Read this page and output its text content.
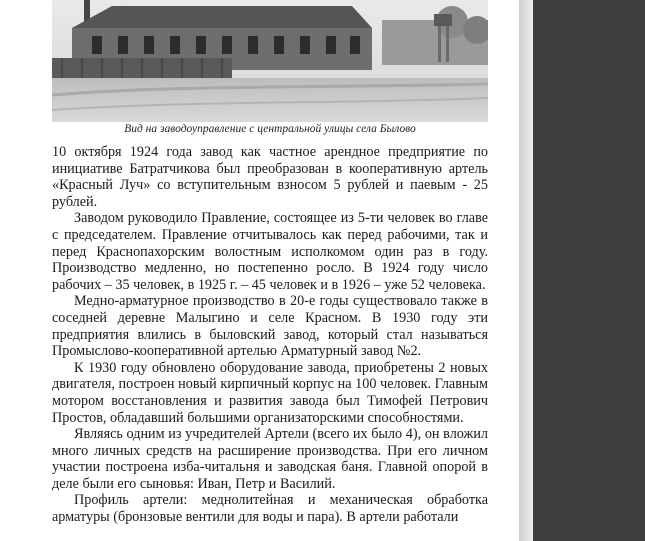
Вид на заводоуправление с центральной улицы села Былово

10 октября 1924 года завод как частное арендное предприятие по инициативе Батратчикова был преобразован в кооперативную артель «Красный Луч» со вступительным взносом 5 рублей и паевым - 25 рублей.

Заводом руководило Правление, состоящее из 5-ти человек во главе с председателем. Правление отчитывалось как перед рабочими, так и перед Краснопахорским волостным исполкомом один раз в году. Производство медленно, но постепенно росло. В 1924 году число рабочих – 35 человек, в 1925 г. – 45 человек и в 1926 – уже 52 человека.

Медно-арматурное производство в 20-е годы существовало также в соседней деревне Малыгино и селе Красном. В 1930 году эти предприятия влились в быловский завод, который стал называться Промыслово-кооперативной артелью Арматурный завод №2.

К 1930 году обновлено оборудование завода, приобретены 2 новых двигателя, построен новый кирпичный корпус на 100 человек. Главным мотором восстановления и развития завода был Тимофей Петрович Простов, обладавший большими организаторскими способностями.

Являясь одним из учредителей Артели (всего их было 4), он вложил много личных средств на расширение производства. При его личном участии построена изба-читальня и заводская баня. Главной опорой в деле были его сыновья: Иван, Петр и Василий.

Профиль артели: меднолитейная и механическая обработка арматуры (бронзовые вентили для воды и пара). В артели работали
